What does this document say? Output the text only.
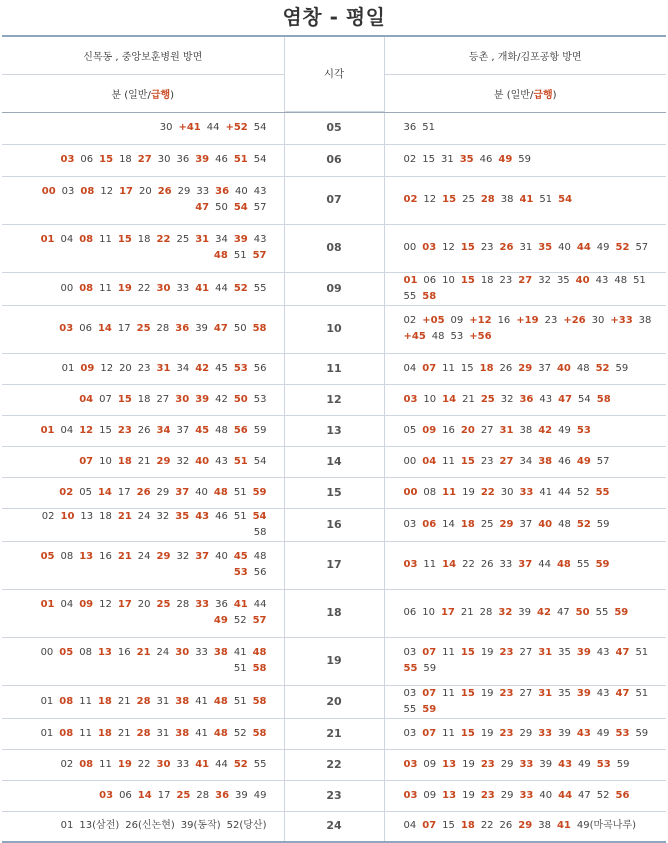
염창 - 평일
신목동 , 중앙보훈병원 방면	시각	등촌 , 개화/김포공항 방면
분 (일반/급행)		분 (일반/급행)

30 +41 44 +52 54	05	36 51
03 06 15 18 27 30 36 39 46 51 54	06	02 15 31 35 46 49 59
00 03 08 12 17 20 26 29 33 36 40 4347 50 54 57	07	02 12 15 25 28 38 41 51 54
01 04 08 11 15 18 22 25 31 34 39 4348 51 57	08	00 03 12 15 23 26 31 35 40 44 49 52 57
00 08 11 19 22 30 33 41 44 52 55	09	01 06 10 15 18 23 27 32 35 40 43 48 5155 58
03 06 14 17 25 28 36 39 47 50 58	10	02 +05 09 +12 16 +19 23 +26 30 +33 38+45 48 53 +56
01 09 12 20 23 31 34 42 45 53 56	11	04 07 11 15 18 26 29 37 40 48 52 59
04 07 15 18 27 30 39 42 50 53	12	03 10 14 21 25 32 36 43 47 54 58
01 04 12 15 23 26 34 37 45 48 56 59	13	05 09 16 20 27 31 38 42 49 53
07 10 18 21 29 32 40 43 51 54	14	00 04 11 15 23 27 34 38 46 49 57
02 05 14 17 26 29 37 40 48 51 59	15	00 08 11 19 22 30 33 41 44 52 55
02 10 13 18 21 24 32 35 43 46 51 5458	16	03 06 14 18 25 29 37 40 48 52 59
05 08 13 16 21 24 29 32 37 40 45 4853 56	17	03 11 14 22 26 33 37 44 48 55 59
01 04 09 12 17 20 25 28 33 36 41 4449 52 57	18	06 10 17 21 28 32 39 42 47 50 55 59
00 05 08 13 16 21 24 30 33 38 41 4851 58	19	03 07 11 15 19 23 27 31 35 39 43 47 5155 59
01 08 11 18 21 28 31 38 41 48 51 58	20	03 07 11 15 19 23 27 31 35 39 43 47 5155 59
01 08 11 18 21 28 31 38 41 48 52 58	21	03 07 11 15 19 23 29 33 39 43 49 53 59
02 08 11 19 22 30 33 41 44 52 55	22	03 09 13 19 23 29 33 39 43 49 53 59
03 06 14 17 25 28 36 39 49	23	03 09 13 19 23 29 33 40 44 47 52 56
01 13(삼전) 26(신논현) 39(동작) 52(당산)	24	04 07 15 18 22 26 29 38 41 49(마곡나루)
